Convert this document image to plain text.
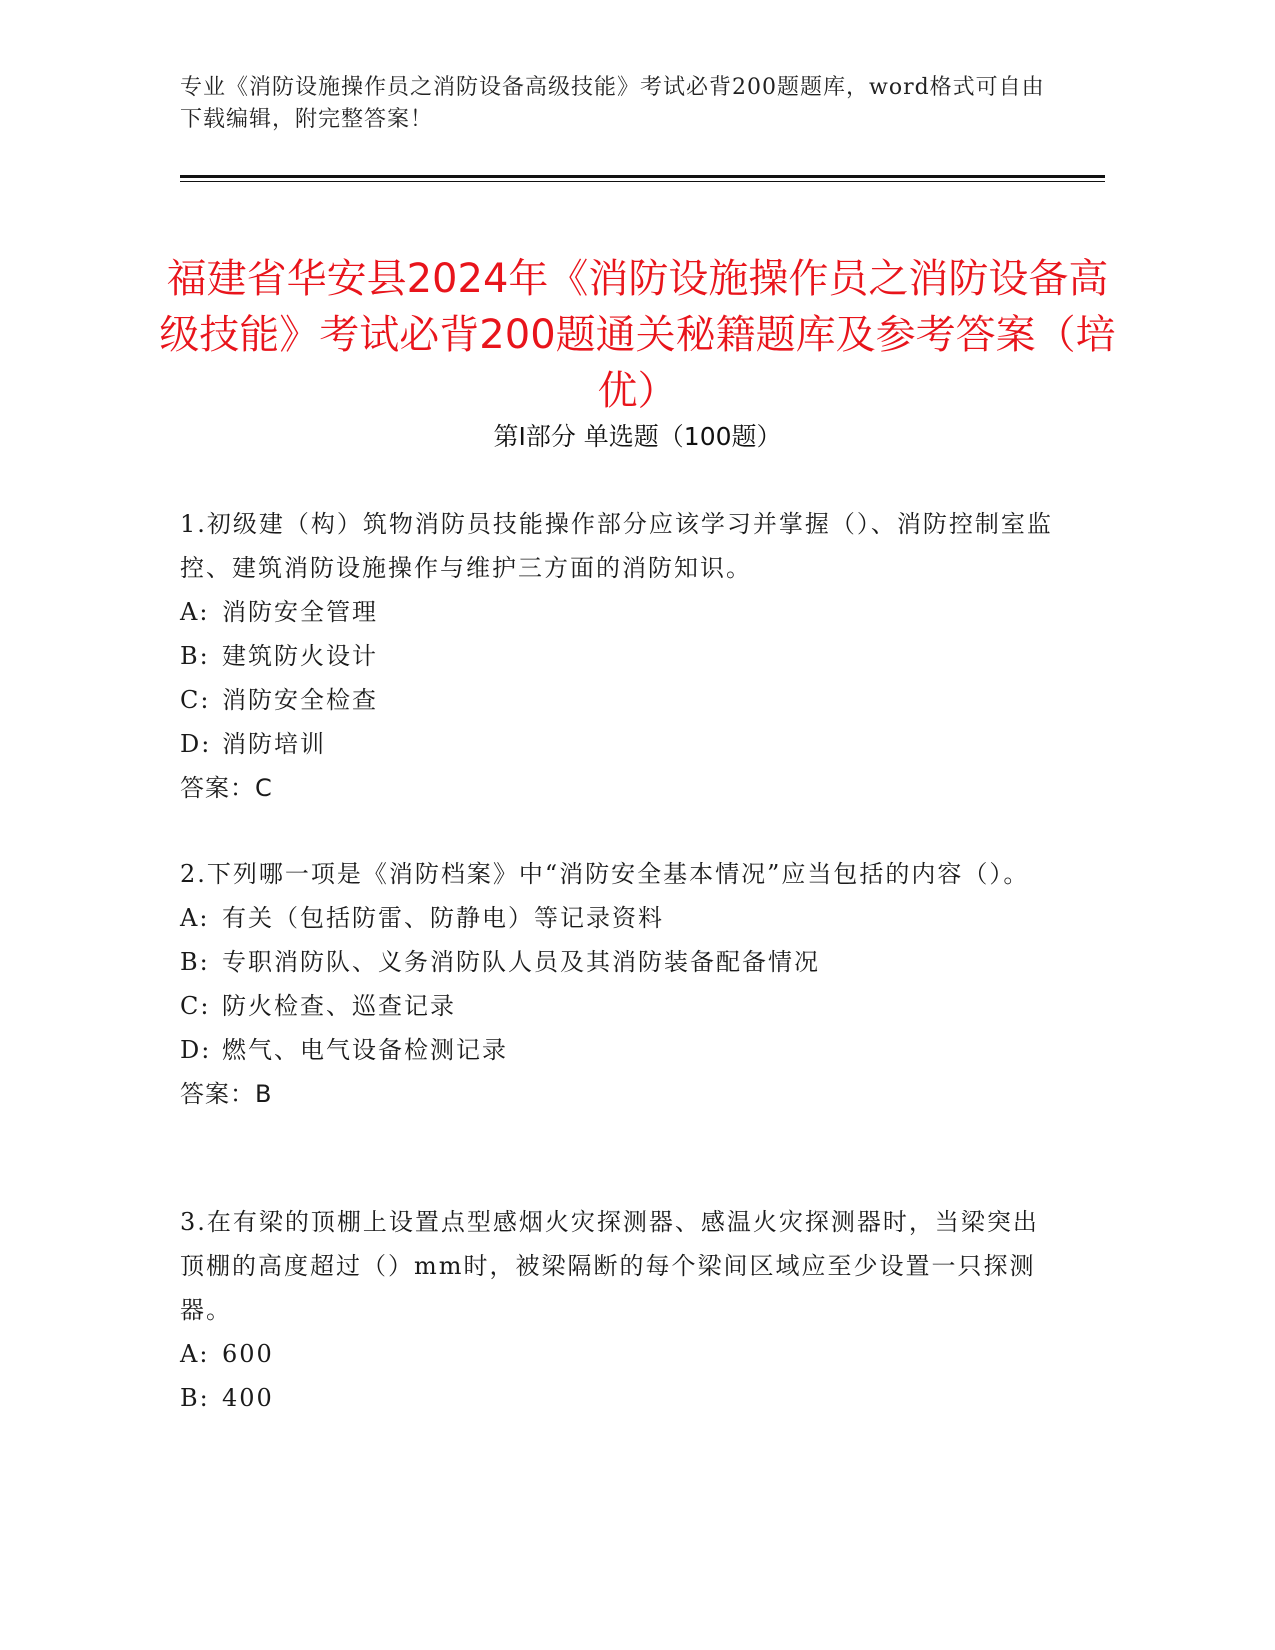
专业《消防设施操作员之消防设备高级技能》考试必背200题题库，word格式可自由下载编辑，附完整答案！
福建省华安县2024年《消防设施操作员之消防设备高级技能》考试必背200题通关秘籍题库及参考答案（培优）
第Ⅰ部分 单选题（100题）

1.初级建（构）筑物消防员技能操作部分应该学习并掌握（）、消防控制室监控、建筑消防设施操作与维护三方面的消防知识。

A: 消防安全管理

B: 建筑防火设计

C: 消防安全检查

D: 消防培训

答案：C

2.下列哪一项是《消防档案》中“消防安全基本情况”应当包括的内容（）。

A: 有关（包括防雷、防静电）等记录资料

B: 专职消防队、义务消防队人员及其消防装备配备情况

C: 防火检查、巡查记录

D: 燃气、电气设备检测记录

答案：B

3.在有梁的顶棚上设置点型感烟火灾探测器、感温火灾探测器时，当梁突出顶棚的高度超过（）mm时，被梁隔断的每个梁间区域应至少设置一只探测器。

A: 600

B: 400
